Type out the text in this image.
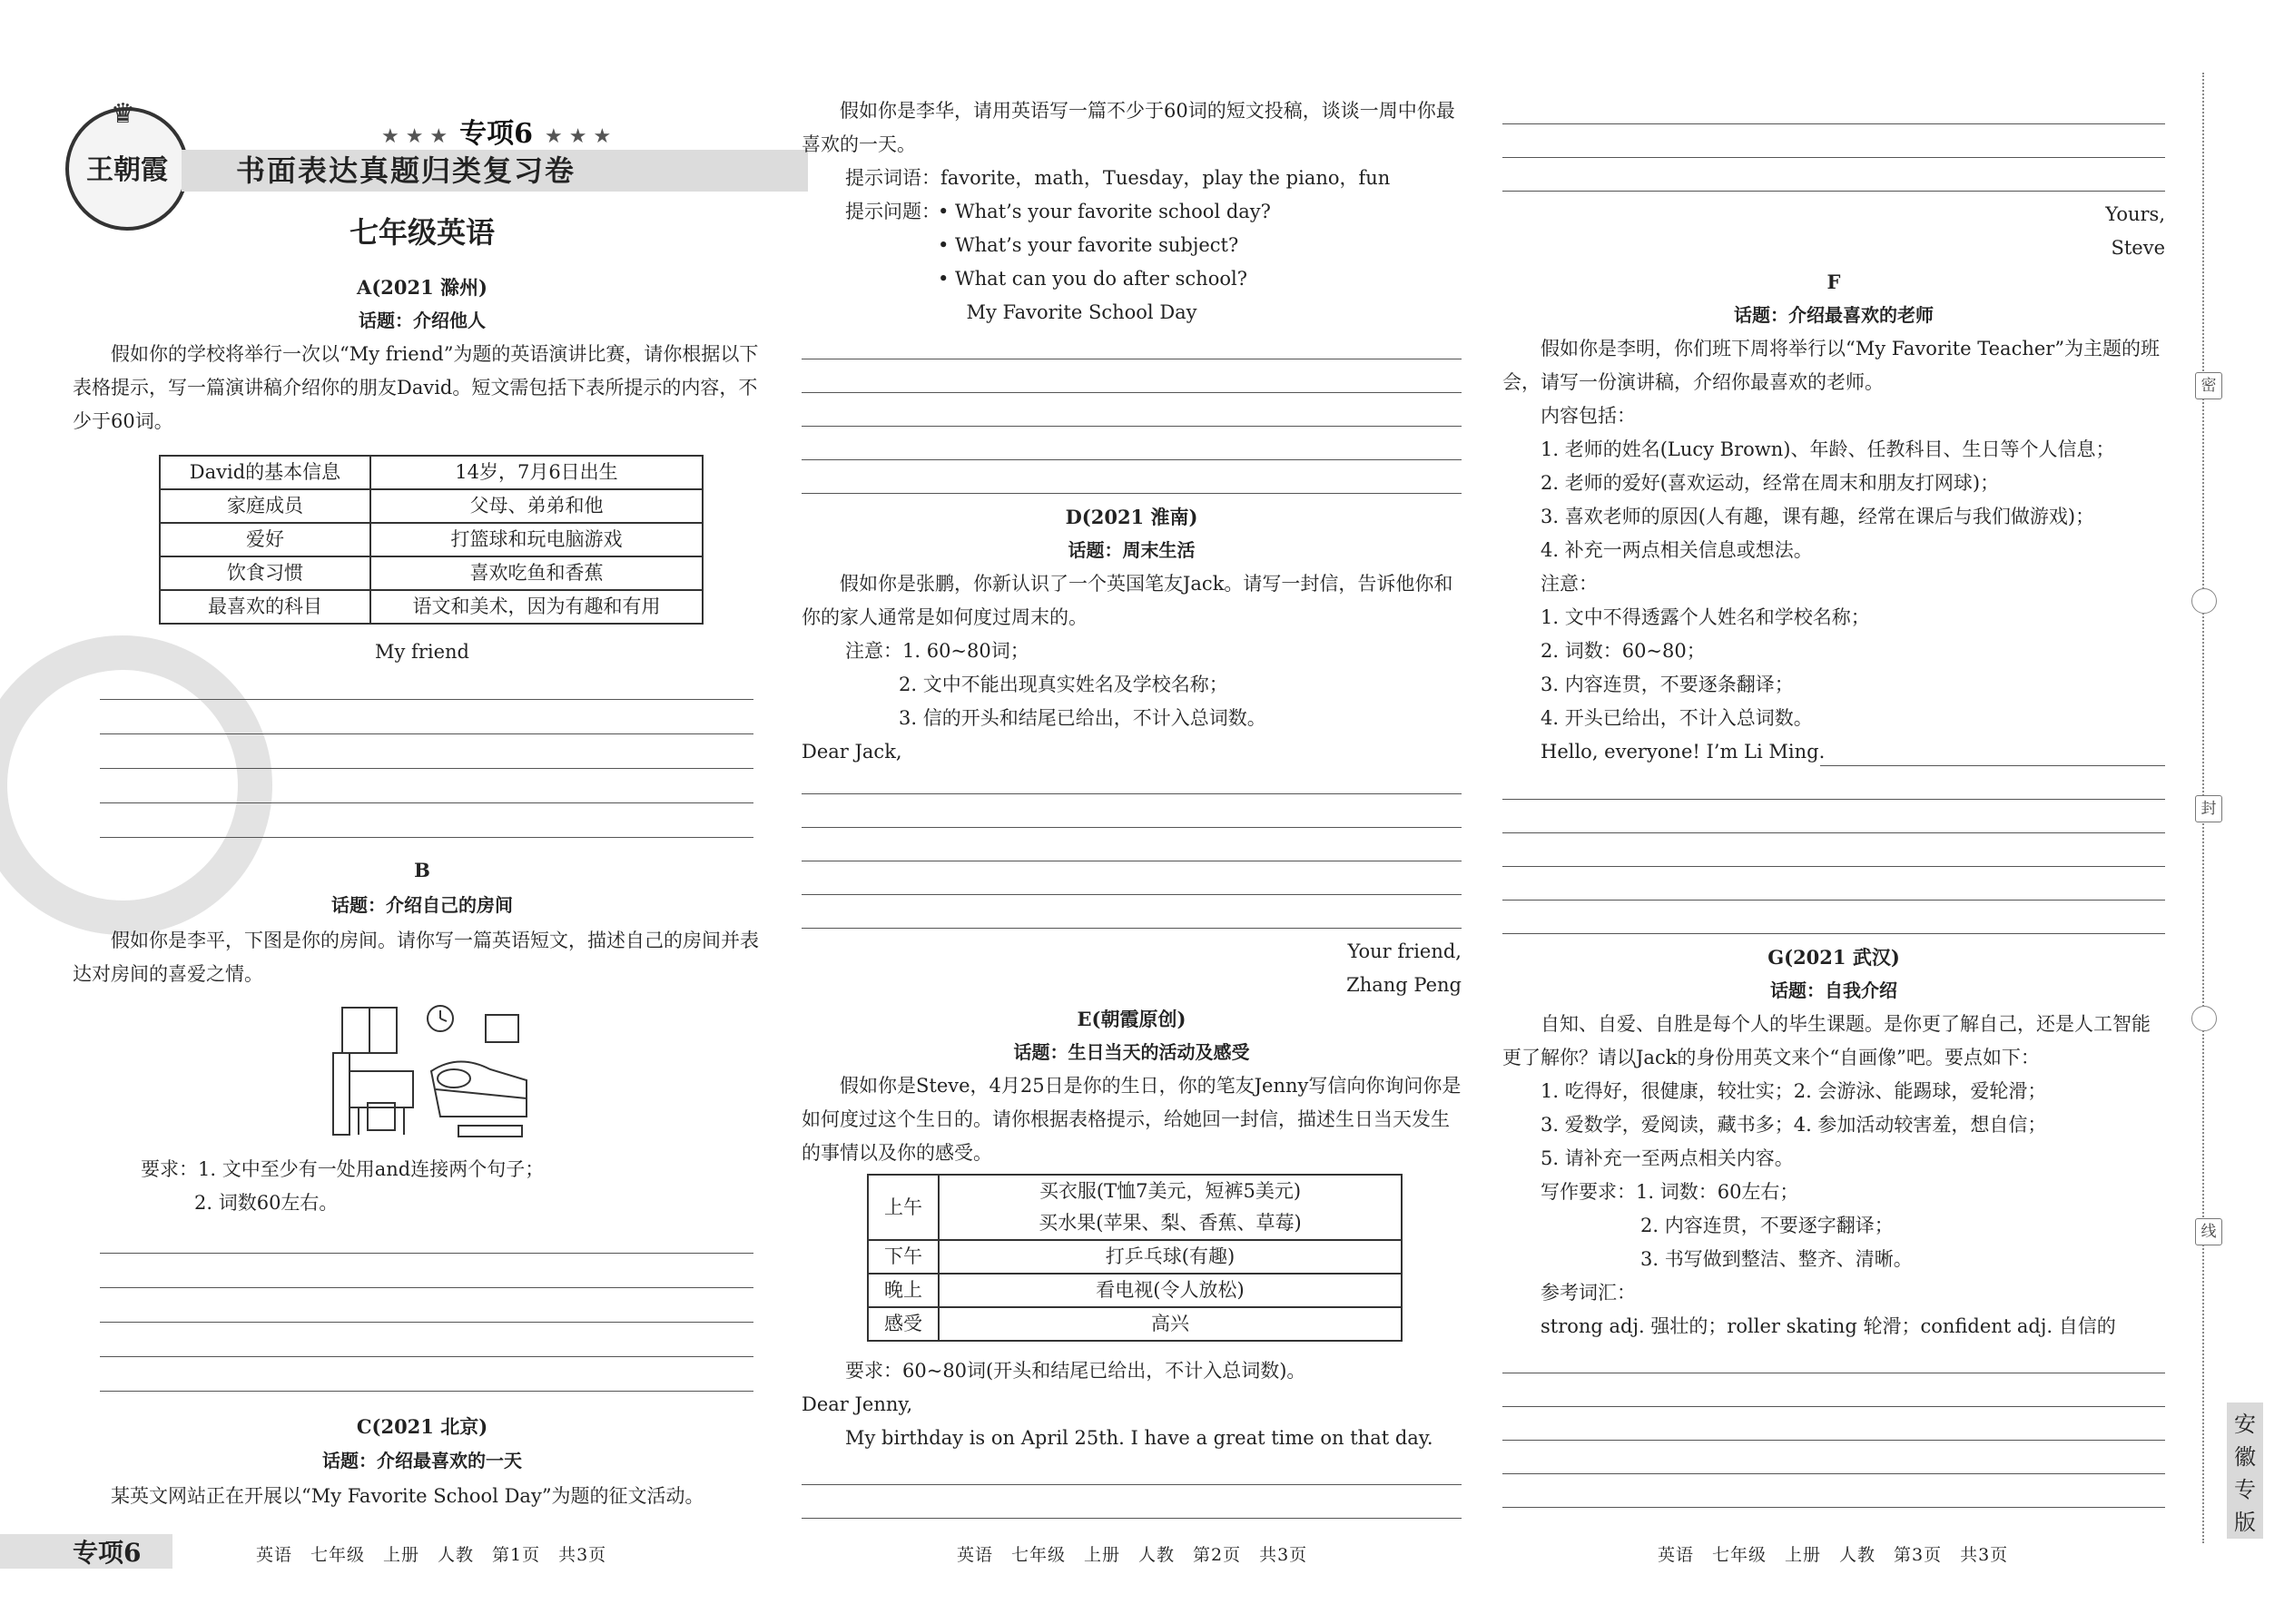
♛
王朝霞
★ ★ ★ 专项6 ★ ★ ★
书面表达真题归类复习卷
七年级英语

A(2021 滁州)

话题：介绍他人

假如你的学校将举行一次以“My friend”为题的英语演讲比赛，请你根据以下表格提示，写一篇演讲稿介绍你的朋友David。短文需包括下表所提示的内容，不少于60词。

David的基本信息	14岁，7月6日出生
家庭成员	父母、弟弟和他
爱好	打篮球和玩电脑游戏
饮食习惯	喜欢吃鱼和香蕉
最喜欢的科目	语文和美术，因为有趣和有用

My friend

B

话题：介绍自己的房间

假如你是李平，下图是你的房间。请你写一篇英语短文，描述自己的房间并表达对房间的喜爱之情。

要求：1. 文中至少有一处用and连接两个句子；

2. 词数60左右。

C(2021 北京)

话题：介绍最喜欢的一天

某英文网站正在开展以“My Favorite School Day”为题的征文活动。

专项6	英语　七年级　上册　人教　第1页　共3页

假如你是李华，请用英语写一篇不少于60词的短文投稿，谈谈一周中你最喜欢的一天。

提示词语：favorite，math，Tuesday，play the piano，fun

提示问题：

• What’s your favorite school day?

• What’s your favorite subject?

• What can you do after school?

My Favorite School Day

D(2021 淮南)

话题：周末生活

假如你是张鹏，你新认识了一个英国笔友Jack。请写一封信，告诉他你和你的家人通常是如何度过周末的。

注意：1. 60~80词；

2. 文中不能出现真实姓名及学校名称；

3. 信的开头和结尾已给出，不计入总词数。

Dear Jack,

Your friend,

Zhang Peng

E(朝霞原创)

话题：生日当天的活动及感受

假如你是Steve，4月25日是你的生日，你的笔友Jenny写信向你询问你是如何度过这个生日的。请你根据表格提示，给她回一封信，描述生日当天发生的事情以及你的感受。

上午	买衣服(T恤7美元，短裤5美元)
买水果(苹果、梨、香蕉、草莓)

下午	打乒乓球(有趣)
晚上	看电视(令人放松)
感受	高兴

要求：60~80词(开头和结尾已给出，不计入总词数)。

Dear Jenny,

My birthday is on April 25th. I have a great time on that day.

英语　七年级　上册　人教　第2页　共3页

Yours,

Steve

F

话题：介绍最喜欢的老师

假如你是李明，你们班下周将举行以“My Favorite Teacher”为主题的班会，请写一份演讲稿，介绍你最喜欢的老师。

内容包括：

1. 老师的姓名(Lucy Brown)、年龄、任教科目、生日等个人信息；

2. 老师的爱好(喜欢运动，经常在周末和朋友打网球)；

3. 喜欢老师的原因(人有趣，课有趣，经常在课后与我们做游戏)；

4. 补充一两点相关信息或想法。

注意：

1. 文中不得透露个人姓名和学校名称；

2. 词数：60~80；

3. 内容连贯，不要逐条翻译；

4. 开头已给出，不计入总词数。

Hello, everyone! I’m Li Ming.

G(2021 武汉)

话题：自我介绍

自知、自爱、自胜是每个人的毕生课题。是你更了解自己，还是人工智能更了解你？请以Jack的身份用英文来个“自画像”吧。要点如下：

1. 吃得好，很健康，较壮实；2. 会游泳、能踢球，爱轮滑；

3. 爱数学，爱阅读，藏书多；4. 参加活动较害羞，想自信；

5. 请补充一至两点相关内容。

写作要求：1. 词数：60左右；

2. 内容连贯，不要逐字翻译；

3. 书写做到整洁、整齐、清晰。

参考词汇：

strong adj. 强壮的；roller skating 轮滑；confident adj. 自信的

英语　七年级　上册　人教　第3页　共3页
密
封
线
安徽专版
